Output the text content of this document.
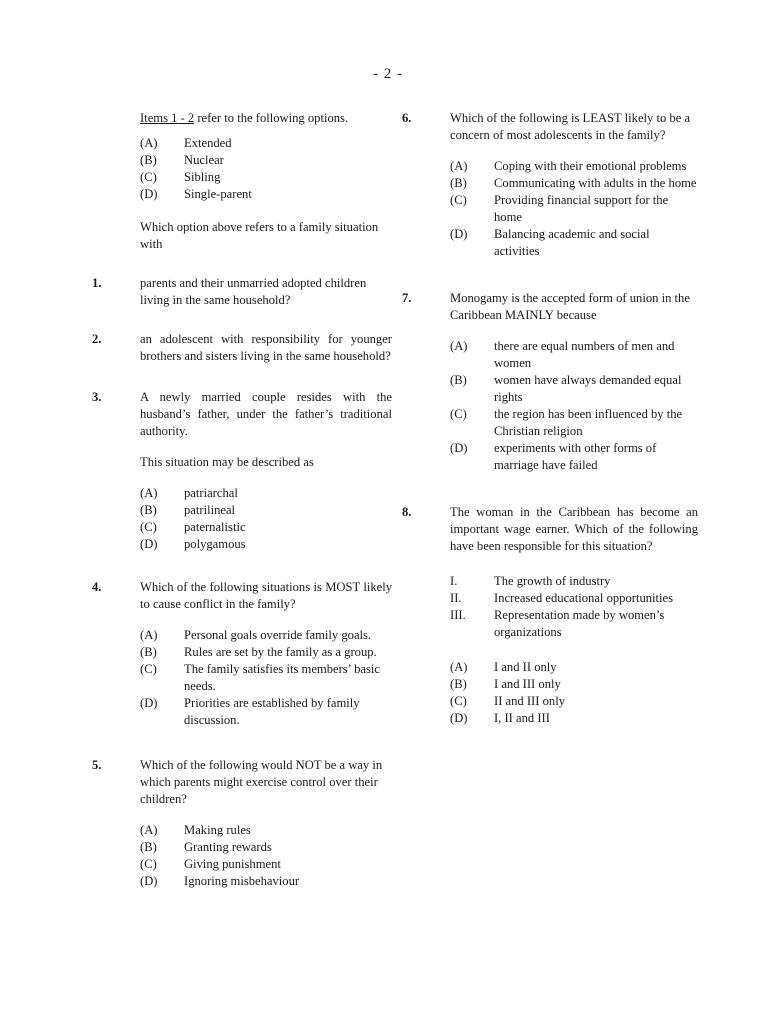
- 2 -
Items 1 - 2 refer to the following options.
(A)	Extended
(B)	Nuclear
(C)	Sibling
(D)	Single-parent
Which option above refers to a family situation with
1.	parents and their unmarried adopted children living in the same household?
2.	an adolescent with responsibility for younger brothers and sisters living in the same household?
3.	A newly married couple resides with the husband’s father, under the father’s traditional authority.
This situation may be described as
(A)	patriarchal
(B)	patrilineal
(C)	paternalistic
(D)	polygamous
4.	Which of the following situations is MOST likely to cause conflict in the family?
(A)	Personal goals override family goals.
(B)	Rules are set by the family as a group.
(C)	The family satisfies its members’ basic needs.
(D)	Priorities are established by family discussion.
5.	Which of the following would NOT be a way in which parents might exercise control over their children?
(A)	Making rules
(B)	Granting rewards
(C)	Giving punishment
(D)	Ignoring misbehaviour
6.	Which of the following is LEAST likely to be a concern of most adolescents in the family?
(A)	Coping with their emotional problems
(B)	Communicating with adults in the home
(C)	Providing financial support for the home
(D)	Balancing academic and social activities
7.	Monogamy is the accepted form of union in the Caribbean MAINLY because
(A)	there are equal numbers of men and women
(B)	women have always demanded equal rights
(C)	the region has been influenced by the Christian religion
(D)	experiments with other forms of marriage have failed
8.	The woman in the Caribbean has become an important wage earner. Which of the following have been responsible for this situation?
I.	The growth of industry
II.	Increased educational opportunities
III.	Representation made by women’s organizations
(A)	I and II only
(B)	I and III only
(C)	II and III only
(D)	I, II and III
